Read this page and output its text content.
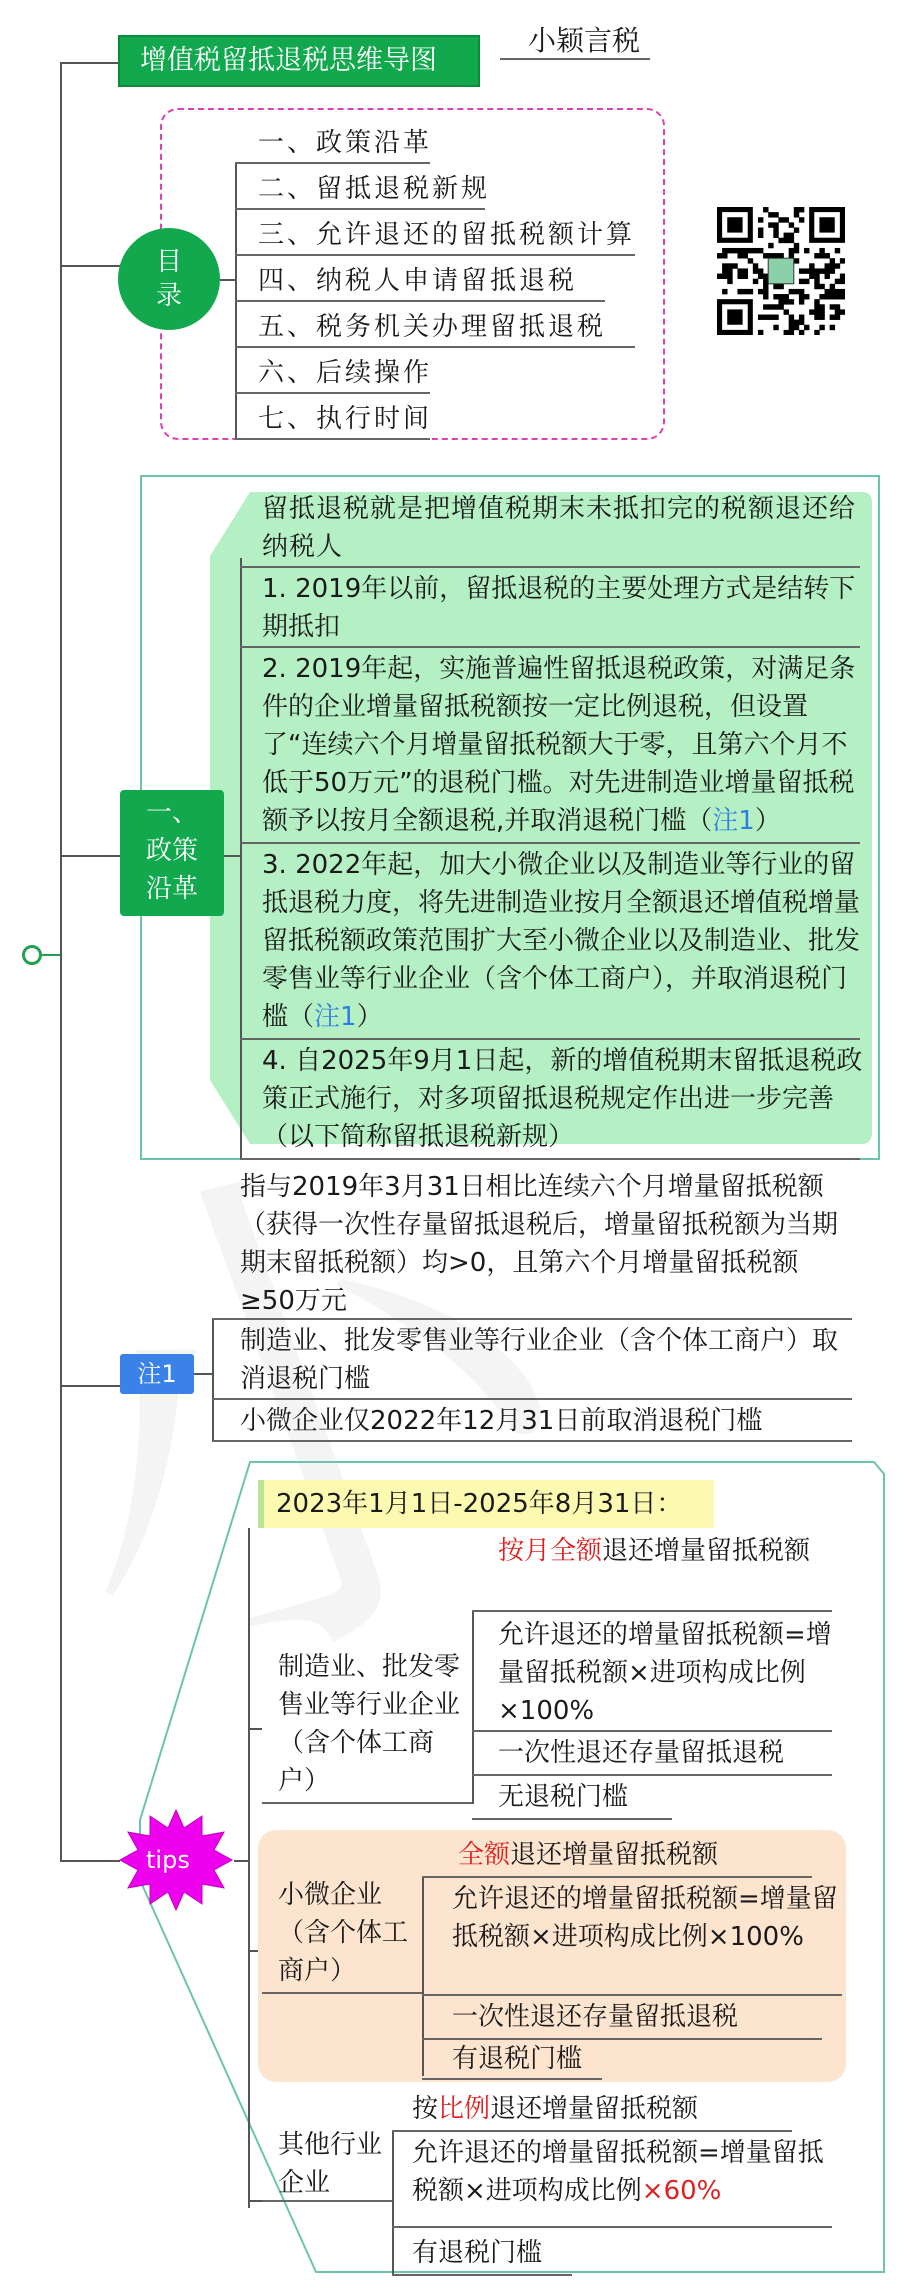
增值税留抵退税思维导图
小颖言税
目
录
一、政策沿革
二、留抵退税新规
三、允许退还的留抵税额计算
四、纳税人申请留抵退税
五、税务机关办理留抵退税
六、后续操作
七、执行时间
一、
政策
沿革
留抵退税就是把增值税期末未抵扣完的税额退还给纳税人
1. 2019年以前，留抵退税的主要处理方式是结转下期抵扣
2. 2019年起，实施普遍性留抵退税政策，对满足条件的企业增量留抵税额按一定比例退税，但设置了“连续六个月增量留抵税额大于零，且第六个月不低于50万元”的退税门槛。对先进制造业增量留抵税额予以按月全额退税,并取消退税门槛（注1）
3. 2022年起，加大小微企业以及制造业等行业的留抵退税力度，将先进制造业按月全额退还增值税增量留抵税额政策范围扩大至小微企业以及制造业、批发零售业等行业企业（含个体工商户），并取消退税门槛（注1）
4. 自2025年9月1日起，新的增值税期末留抵退税政策正式施行，对多项留抵退税规定作出进一步完善（以下简称留抵退税新规）
注1
指与2019年3月31日相比连续六个月增量留抵税额（获得一次性存量留抵退税后，增量留抵税额为当期期末留抵税额）均>0，且第六个月增量留抵税额≥50万元
制造业、批发零售业等行业企业（含个体工商户）取消退税门槛
小微企业仅2022年12月31日前取消退税门槛
tips
2023年1月1日-2025年8月31日：
制造业、批发零售业等行业企业（含个体工商户）
按月全额退还增量留抵税额
允许退还的增量留抵税额=增量留抵税额×进项构成比例×100%
一次性退还存量留抵退税
无退税门槛
小微企业（含个体工商户）
全额退还增量留抵税额
允许退还的增量留抵税额=增量留抵税额×进项构成比例×100%
一次性退还存量留抵退税
有退税门槛
其他行业企业
按比例退还增量留抵税额
允许退还的增量留抵税额=增量留抵税额×进项构成比例×60%
有退税门槛
